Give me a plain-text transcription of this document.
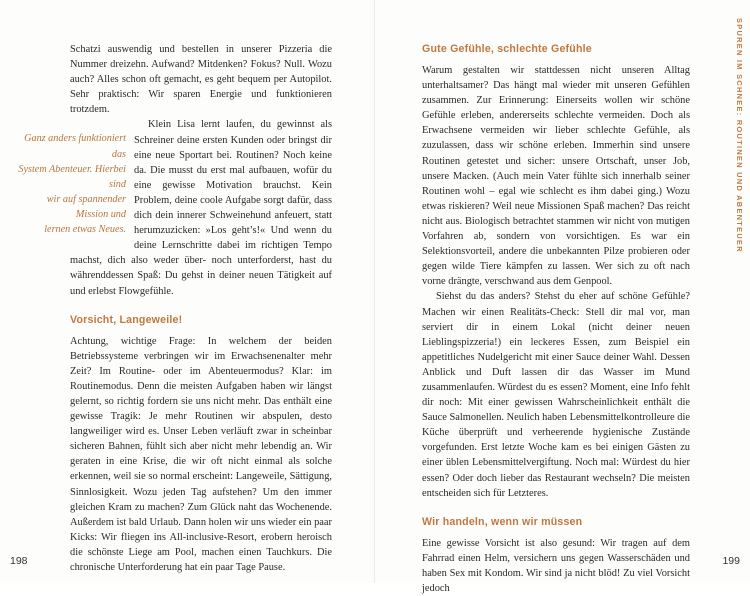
Schatzi auswendig und bestellen in unserer Pizzeria die Nummer dreizehn. Aufwand? Mitdenken? Fokus? Null. Wozu auch? Alles schon oft gemacht, es geht bequem per Autopilot. Sehr praktisch: Wir sparen Energie und funktionieren trotzdem.

Ganz anders funktioniert das
System Abenteuer. Hierbei sind
wir auf spannender Mission und
lernen etwas Neues.

Klein Lisa lernt laufen, du gewinnst als Schreiner deine ersten Kunden oder bringst dir eine neue Sportart bei. Routinen? Noch keine da. Die musst du erst mal aufbauen, wofür du eine gewisse Motivation brauchst. Kein Problem, deine coole Aufgabe sorgt dafür, dass dich dein innerer Schweinehund anfeuert, statt herumzuzicken: »Los geht’s!« Und wenn du deine Lernschritte dabei im richtigen Tempo machst, dich also weder über- noch unterforderst, hast du währenddessen Spaß: Du gehst in deiner neuen Tätigkeit auf und erlebst Flowgefühle.

Vorsicht, Langeweile!

Achtung, wichtige Frage: In welchem der beiden Betriebssysteme verbringen wir im Erwachsenenalter mehr Zeit? Im Routine- oder im Abenteuermodus? Klar: im Routinemodus. Denn die meisten Aufgaben haben wir längst gelernt, so richtig fordern sie uns nicht mehr. Das enthält eine gewisse Tragik: Je mehr Routinen wir abspulen, desto langweiliger wird es. Unser Leben verläuft zwar in scheinbar sicheren Bahnen, fühlt sich aber nicht mehr lebendig an. Wir geraten in eine Krise, die wir oft nicht einmal als solche erkennen, weil sie so normal erscheint: Langeweile, Sättigung, Sinnlosigkeit. Wozu jeden Tag aufstehen? Um den immer gleichen Kram zu machen? Zum Glück naht das Wochenende. Außerdem ist bald Urlaub. Dann holen wir uns wieder ein paar Kicks: Wir fliegen ins All-inclusive-Resort, erobern heroisch die schönste Liege am Pool, machen einen Tauchkurs. Die chronische Unterforderung hat ein paar Tage Pause.

198
SPUREN IM SCHNEE: ROUTINEN UND ABENTEUER
Gute Gefühle, schlechte Gefühle

Warum gestalten wir stattdessen nicht unseren Alltag unterhaltsamer? Das hängt mal wieder mit unseren Gefühlen zusammen. Zur Erinnerung: Einerseits wollen wir schöne Gefühle erleben, andererseits schlechte vermeiden. Doch als Erwachsene vermeiden wir lieber schlechte Gefühle, als zuzulassen, dass wir schöne erleben. Immerhin sind unsere Routinen getestet und sicher: unsere Ortschaft, unser Job, unsere Macken. (Auch mein Vater fühlte sich innerhalb seiner Routinen wohl – egal wie schlecht es ihm dabei ging.) Wozu etwas riskieren? Weil neue Missionen Spaß machen? Das reicht nicht aus. Biologisch betrachtet stammen wir nicht von mutigen Vorfahren ab, sondern von vorsichtigen. Es war ein Selektionsvorteil, andere die unbekannten Pilze probieren oder gegen wilde Tiere kämpfen zu lassen. Wer sich zu oft nach vorne drängte, verschwand aus dem Genpool.

Siehst du das anders? Stehst du eher auf schöne Gefühle? Machen wir einen Realitäts-Check: Stell dir mal vor, man serviert dir in einem Lokal (nicht deiner neuen Lieblingspizzeria!) ein leckeres Essen, zum Beispiel ein appetitliches Nudelgericht mit einer Sauce deiner Wahl. Dessen Anblick und Duft lassen dir das Wasser im Mund zusammenlaufen. Würdest du es essen? Moment, eine Info fehlt dir noch: Mit einer gewissen Wahrscheinlichkeit enthält die Sauce Salmonellen. Neulich haben Lebensmittelkontrolleure die Küche überprüft und verheerende hygienische Zustände vorgefunden. Erst letzte Woche kam es bei einigen Gästen zu einer üblen Lebensmittelvergiftung. Noch mal: Würdest du hier essen? Oder doch lieber das Restaurant wechseln? Die meisten entscheiden sich für Letzteres.

Wir handeln, wenn wir müssen

Eine gewisse Vorsicht ist also gesund: Wir tragen auf dem Fahrrad einen Helm, versichern uns gegen Wasserschäden und haben Sex mit Kondom. Wir sind ja nicht blöd! Zu viel Vorsicht jedoch

199
